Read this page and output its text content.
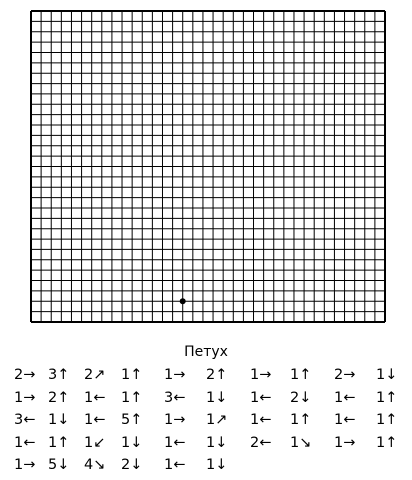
Петух
2→ 3↑ 2↗ 1↑ 1→ 2↑ 1→ 1↑ 2→ 1↓
1→ 2↑ 1← 1↑ 3← 1↓ 1← 2↓ 1← 1↑
3← 1↓ 1← 5↑ 1→ 1↗ 1← 1↑ 1← 1↑
1← 1↑ 1↙ 1↓ 1← 1↓ 2← 1↘ 1→ 1↑
1→ 5↓ 4↘ 2↓ 1← 1↓
